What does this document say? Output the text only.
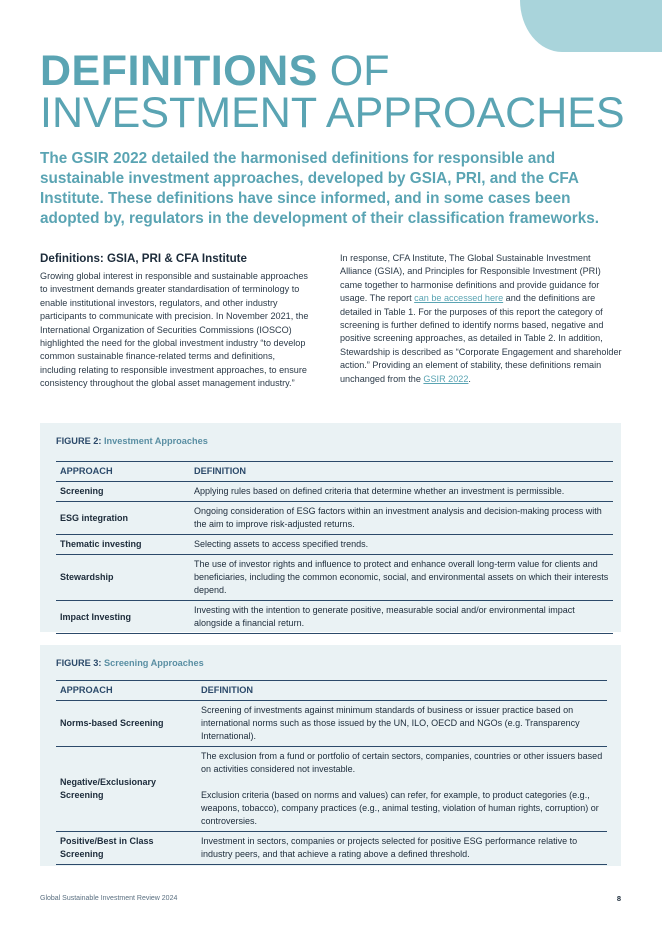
DEFINITIONS OF
INVESTMENT APPROACHES

The GSIR 2022 detailed the harmonised definitions for responsible and sustainable investment approaches, developed by GSIA, PRI, and the CFA Institute. These definitions have since informed, and in some cases been adopted by, regulators in the development of their classification frameworks.

Definitions: GSIA, PRI & CFA Institute

Growing global interest in responsible and sustainable approaches to investment demands greater standardisation of terminology to enable institutional investors, regulators, and other industry participants to communicate with precision. In November 2021, the International Organization of Securities Commissions (IOSCO) highlighted the need for the global investment industry “to develop common sustainable finance-related terms and definitions, including relating to responsible investment approaches, to ensure consistency throughout the global asset management industry.”

In response, CFA Institute, The Global Sustainable Investment Alliance (GSIA), and Principles for Responsible Investment (PRI) came together to harmonise definitions and provide guidance for usage. The report can be accessed here and the definitions are detailed in Table 1. For the purposes of this report the category of screening is further defined to identify norms based, negative and positive screening approaches, as detailed in Table 2. In addition, Stewardship is described as “Corporate Engagement and shareholder action.” Providing an element of stability, these definitions remain unchanged from the GSIR 2022.

FIGURE 2: Investment Approaches
APPROACH	DEFINITION
Screening	Applying rules based on defined criteria that determine whether an investment is permissible.
ESG integration	Ongoing consideration of ESG factors within an investment analysis and decision-making process with the aim to improve risk-adjusted returns.
Thematic investing	Selecting assets to access specified trends.
Stewardship	The use of investor rights and influence to protect and enhance overall long-term value for clients and beneficiaries, including the common economic, social, and environmental assets on which their interests depend.
Impact Investing	Investing with the intention to generate positive, measurable social and/or environmental impact alongside a financial return.
FIGURE 3: Screening Approaches
APPROACH	DEFINITION
Norms-based Screening	Screening of investments against minimum standards of business or issuer practice based on international norms such as those issued by the UN, ILO, OECD and NGOs (e.g. Transparency International).
Negative/Exclusionary Screening	The exclusion from a fund or portfolio of certain sectors, companies, countries or other issuers based on activities considered not investable.

Exclusion criteria (based on norms and values) can refer, for example, to product categories (e.g., weapons, tobacco), company practices (e.g., animal testing, violation of human rights, corruption) or controversies.

Positive/Best in Class Screening	Investment in sectors, companies or projects selected for positive ESG performance relative to industry peers, and that achieve a rating above a defined threshold.
Global Sustainable Investment Review 2024	8
